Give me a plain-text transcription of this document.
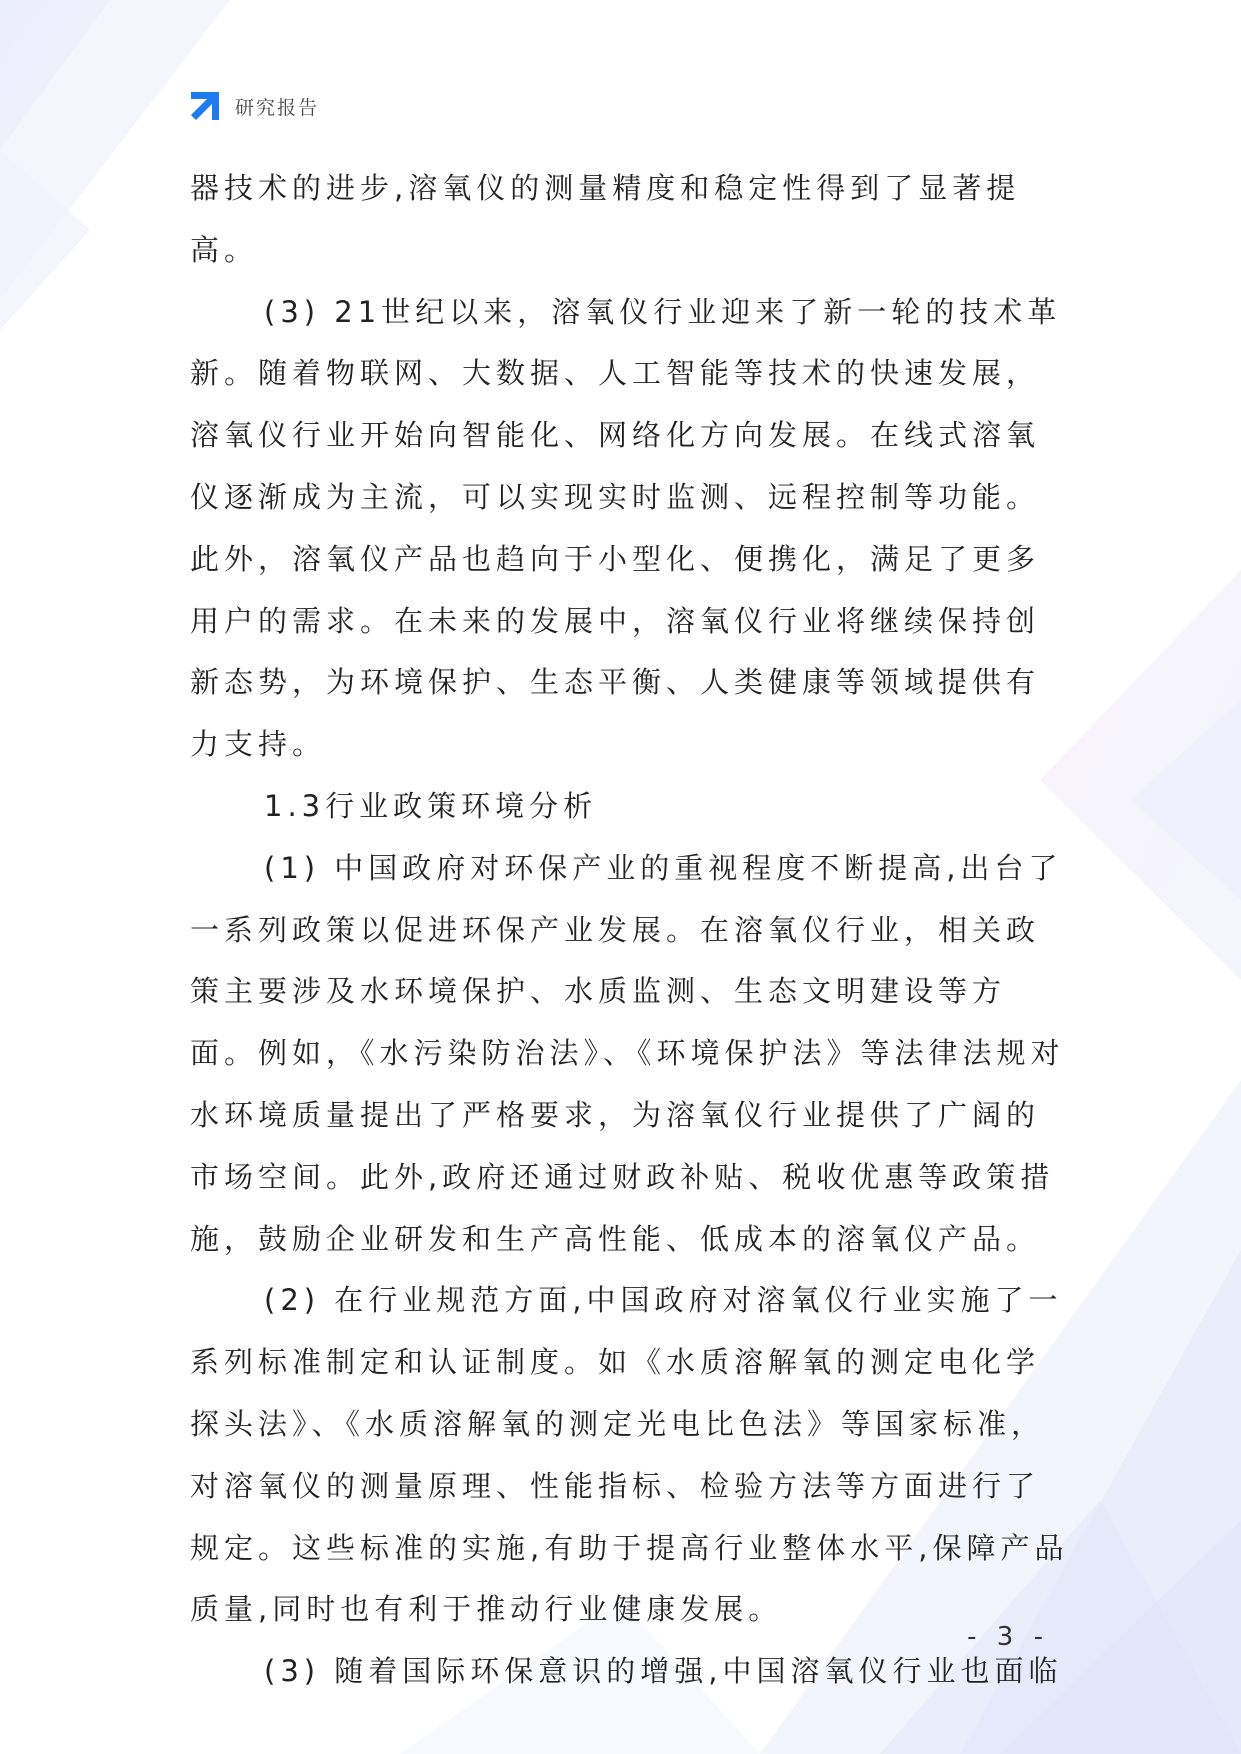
研究报告

器技术的进步,溶氧仪的测量精度和稳定性得到了显著提高。

(3) 21世纪以来，溶氧仪行业迎来了新一轮的技术革新。随着物联网、大数据、人工智能等技术的快速发展，溶氧仪行业开始向智能化、网络化方向发展。在线式溶氧仪逐渐成为主流，可以实现实时监测、远程控制等功能。此外，溶氧仪产品也趋向于小型化、便携化，满足了更多用户的需求。在未来的发展中，溶氧仪行业将继续保持创新态势，为环境保护、生态平衡、人类健康等领域提供有力支持。

1.3行业政策环境分析

(1) 中国政府对环保产业的重视程度不断提高,出台了一系列政策以促进环保产业发展。在溶氧仪行业，相关政策主要涉及水环境保护、水质监测、生态文明建设等方面。例如，《水污染防治法》、《环境保护法》等法律法规对水环境质量提出了严格要求，为溶氧仪行业提供了广阔的市场空间。此外,政府还通过财政补贴、税收优惠等政策措施，鼓励企业研发和生产高性能、低成本的溶氧仪产品。

(2) 在行业规范方面,中国政府对溶氧仪行业实施了一系列标准制定和认证制度。如《水质溶解氧的测定电化学探头法》、《水质溶解氧的测定光电比色法》等国家标准，对溶氧仪的测量原理、性能指标、检验方法等方面进行了规定。这些标准的实施,有助于提高行业整体水平,保障产品质量,同时也有利于推动行业健康发展。

(3) 随着国际环保意识的增强,中国溶氧仪行业也面临

- 3 -
